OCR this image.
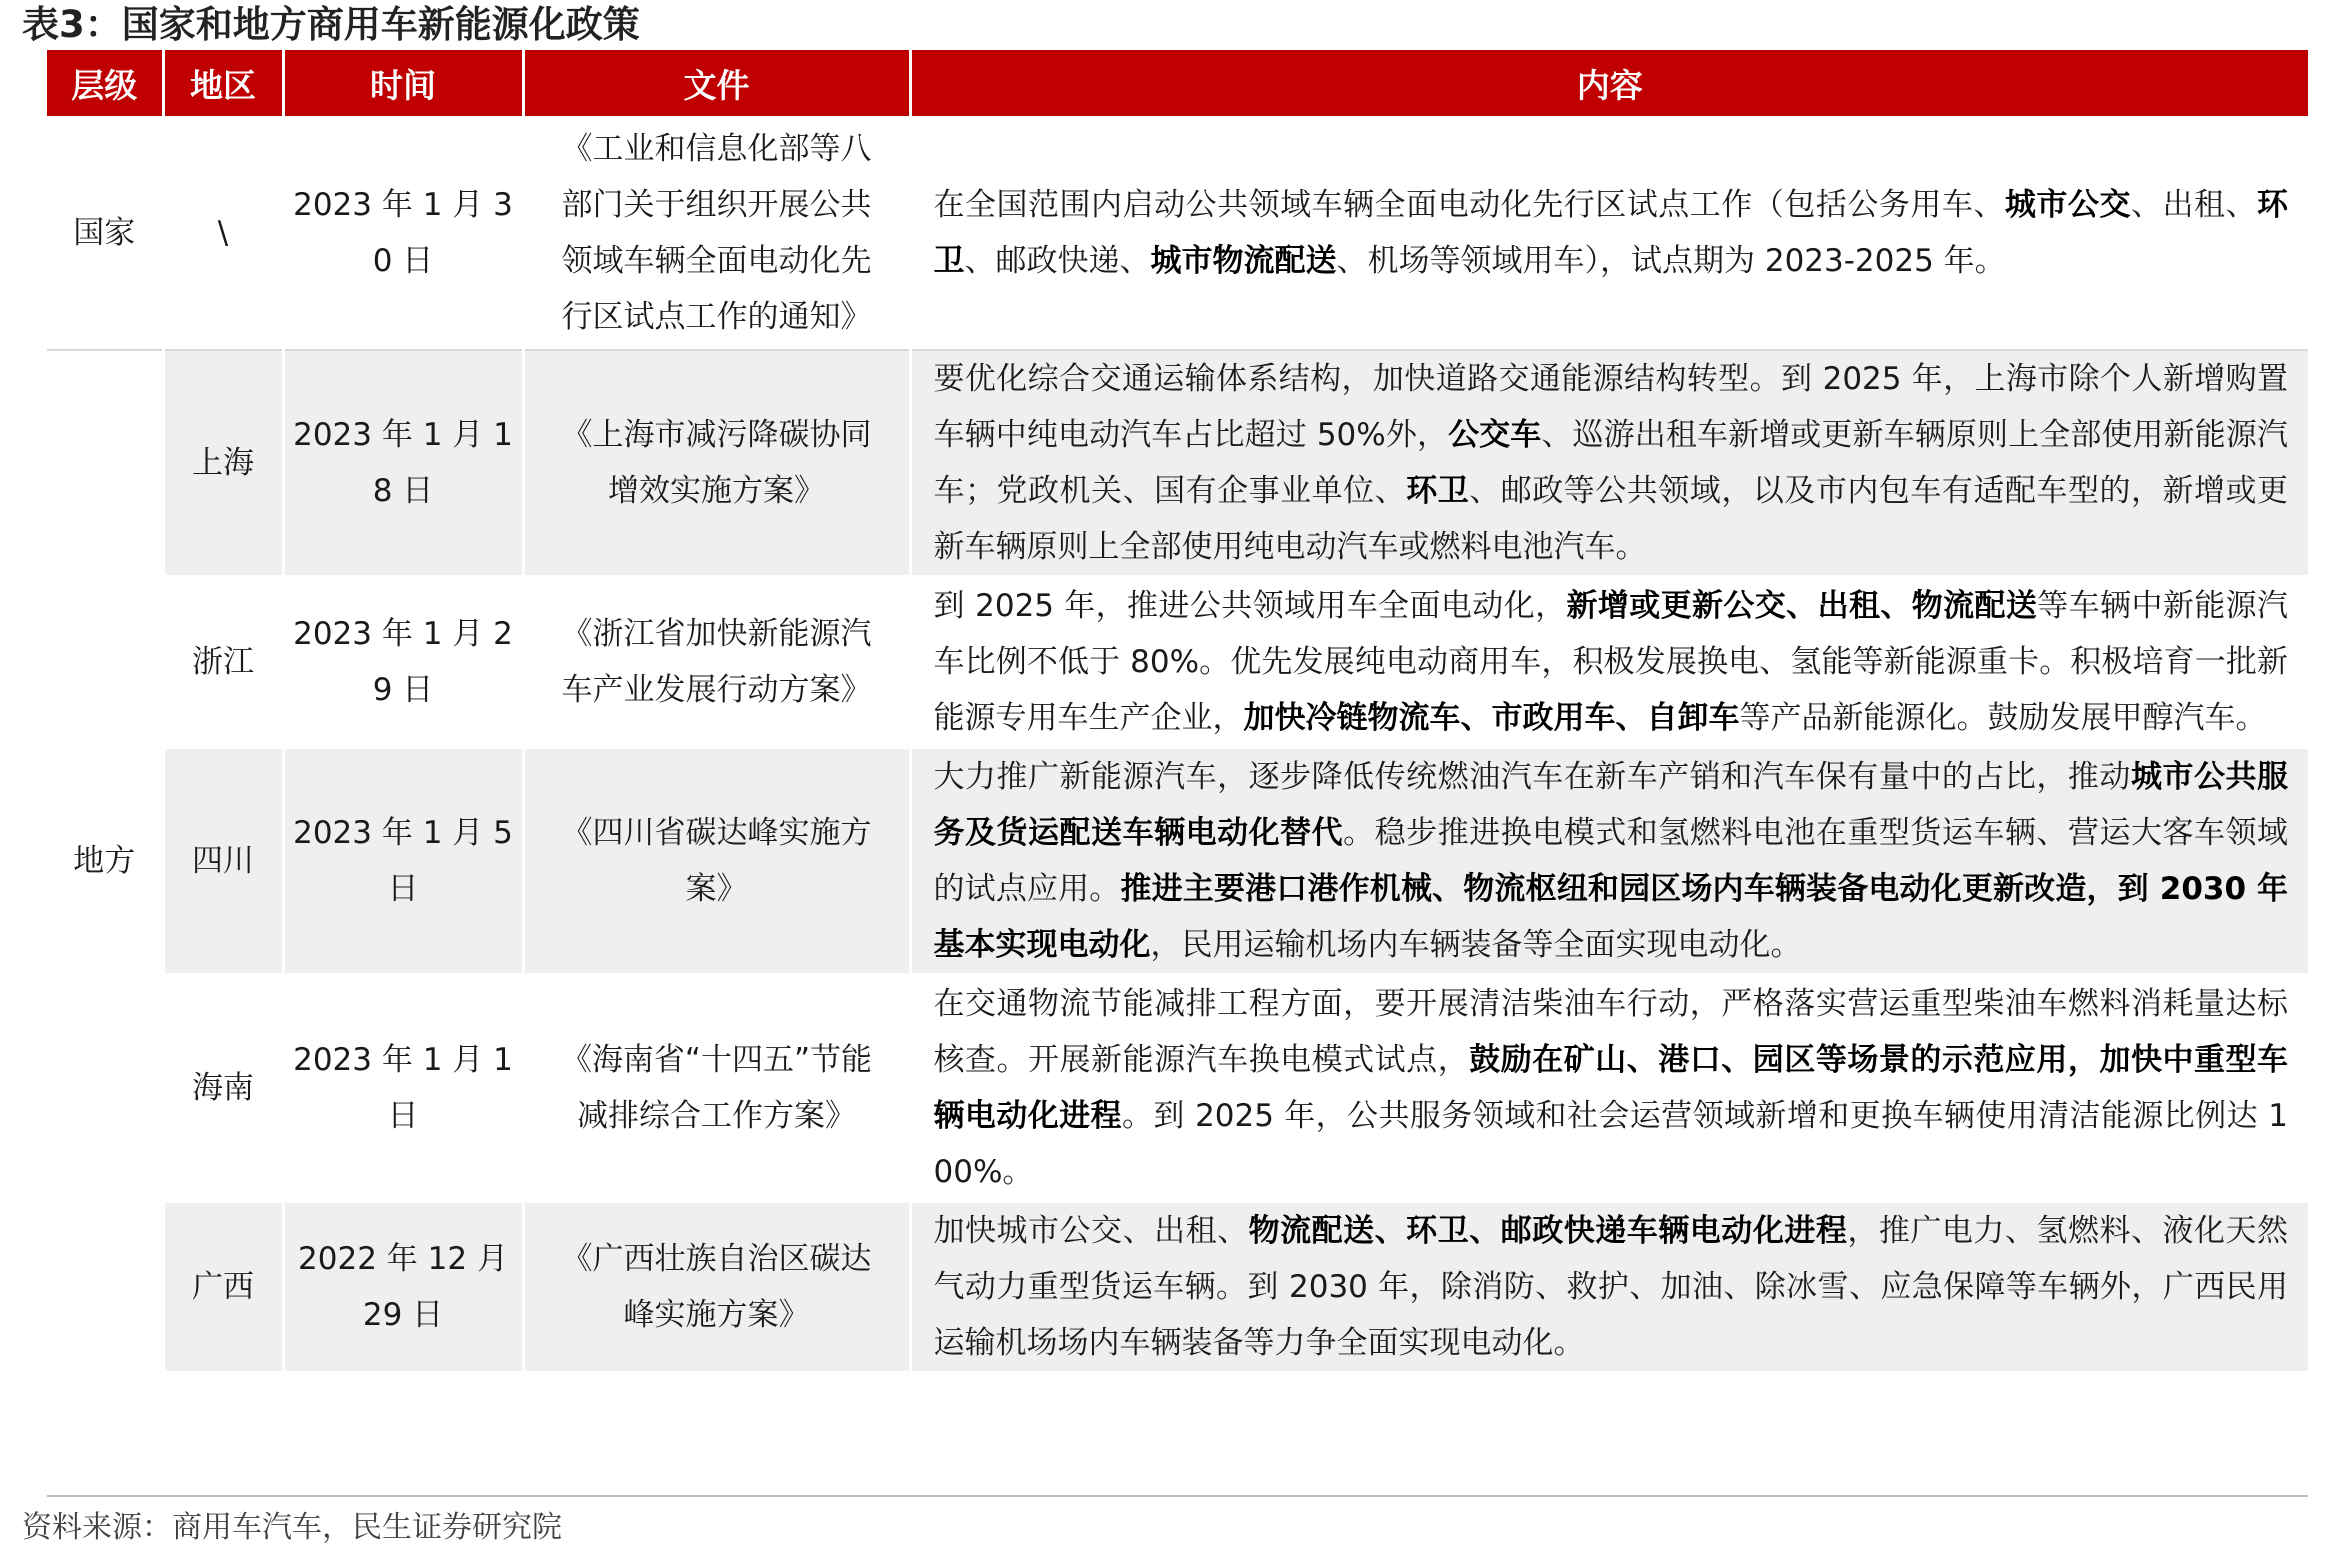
表3：国家和地方商用车新能源化政策
层级	地区	时间	文件	内容
国家	\	2023 年 1 月 30 日	《工业和信息化部等八部门关于组织开展公共领域车辆全面电动化先行区试点工作的通知》	在全国范围内启动公共领域车辆全面电动化先行区试点工作（包括公务用车、城市公交、出租、环卫、邮政快递、城市物流配送、机场等领域用车），试点期为 2023-2025 年。
地方	上海	2023 年 1 月 18 日	《上海市减污降碳协同增效实施方案》	要优化综合交通运输体系结构，加快道路交通能源结构转型。到 2025 年，上海市除个人新增购置车辆中纯电动汽车占比超过 50%外，公交车、巡游出租车新增或更新车辆原则上全部使用新能源汽车；党政机关、国有企事业单位、环卫、邮政等公共领域，以及市内包车有适配车型的，新增或更新车辆原则上全部使用纯电动汽车或燃料电池汽车。
	浙江	2023 年 1 月 29 日	《浙江省加快新能源汽车产业发展行动方案》	到 2025 年，推进公共领域用车全面电动化，新增或更新公交、出租、物流配送等车辆中新能源汽车比例不低于 80%。优先发展纯电动商用车，积极发展换电、氢能等新能源重卡。积极培育一批新能源专用车生产企业，加快冷链物流车、市政用车、自卸车等产品新能源化。鼓励发展甲醇汽车。
	四川	2023 年 1 月 5 日	《四川省碳达峰实施方案》	大力推广新能源汽车，逐步降低传统燃油汽车在新车产销和汽车保有量中的占比，推动城市公共服务及货运配送车辆电动化替代。稳步推进换电模式和氢燃料电池在重型货运车辆、营运大客车领域的试点应用。推进主要港口港作机械、物流枢纽和园区场内车辆装备电动化更新改造，到 2030 年基本实现电动化，民用运输机场内车辆装备等全面实现电动化。
	海南	2023 年 1 月 1 日	《海南省“十四五”节能减排综合工作方案》	在交通物流节能减排工程方面，要开展清洁柴油车行动，严格落实营运重型柴油车燃料消耗量达标核查。开展新能源汽车换电模式试点，鼓励在矿山、港口、园区等场景的示范应用，加快中重型车辆电动化进程。到 2025 年，公共服务领域和社会运营领域新增和更换车辆使用清洁能源比例达 100%。
	广西	2022 年 12 月 29 日	《广西壮族自治区碳达峰实施方案》	加快城市公交、出租、物流配送、环卫、邮政快递车辆电动化进程，推广电力、氢燃料、液化天然气动力重型货运车辆。到 2030 年，除消防、救护、加油、除冰雪、应急保障等车辆外，广西民用运输机场场内车辆装备等力争全面实现电动化。
资料来源：商用车汽车，民生证券研究院
